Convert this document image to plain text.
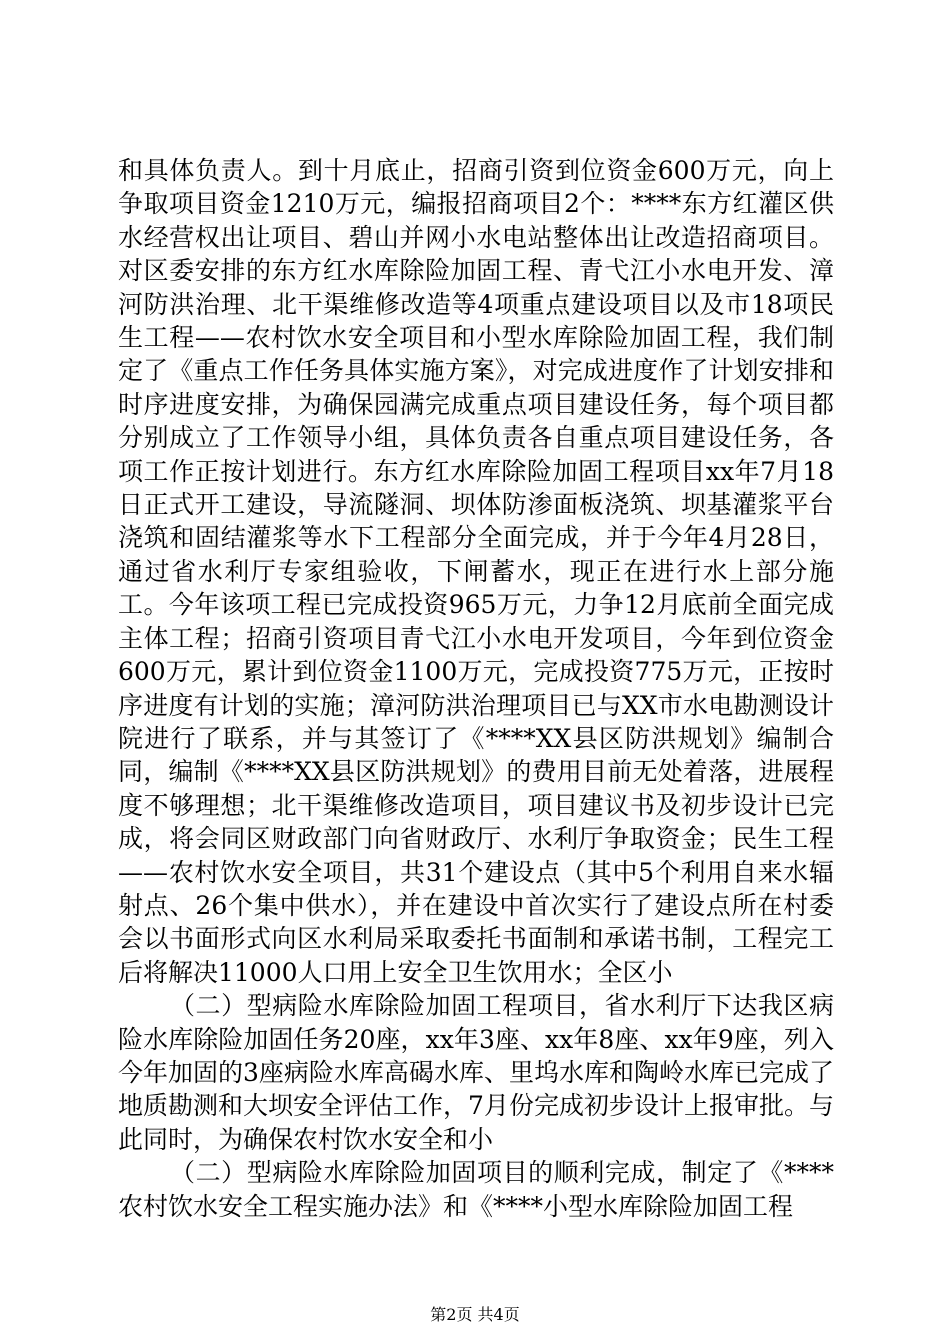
和具体负责人。到十月底止，招商引资到位资金600万元，向上争取项目资金1210万元，编报招商项目2个：****东方红灌区供水经营权出让项目、碧山并网小水电站整体出让改造招商项目。对区委安排的东方红水库除险加固工程、青弋江小水电开发、漳河防洪治理、北干渠维修改造等4项重点建设项目以及市18项民生工程——农村饮水安全项目和小型水库除险加固工程，我们制定了《重点工作任务具体实施方案》，对完成进度作了计划安排和时序进度安排，为确保园满完成重点项目建设任务，每个项目都分别成立了工作领导小组，具体负责各自重点项目建设任务，各项工作正按计划进行。东方红水库除险加固工程项目xx年7月18日正式开工建设，导流隧洞、坝体防渗面板浇筑、坝基灌浆平台浇筑和固结灌浆等水下工程部分全面完成，并于今年4月28日，通过省水利厅专家组验收，下闸蓄水，现正在进行水上部分施工。今年该项工程已完成投资965万元，力争12月底前全面完成主体工程；招商引资项目青弋江小水电开发项目，今年到位资金600万元，累计到位资金1100万元，完成投资775万元，正按时序进度有计划的实施；漳河防洪治理项目已与XX市水电勘测设计院进行了联系，并与其签订了《****XX县区防洪规划》编制合同，编制《****XX县区防洪规划》的费用目前无处着落，进展程度不够理想；北干渠维修改造项目，项目建议书及初步设计已完成，将会同区财政部门向省财政厅、水利厅争取资金；民生工程——农村饮水安全项目，共31个建设点（其中5个利用自来水辐射点、26个集中供水），并在建设中首次实行了建设点所在村委会以书面形式向区水利局采取委托书面制和承诺书制，工程完工后将解决11000人口用上安全卫生饮用水；全区小

（二）型病险水库除险加固工程项目，省水利厅下达我区病险水库除险加固任务20座，xx年3座、xx年8座、xx年9座，列入今年加固的3座病险水库高碣水库、里坞水库和陶岭水库已完成了地质勘测和大坝安全评估工作，7月份完成初步设计上报审批。与此同时，为确保农村饮水安全和小

（二）型病险水库除险加固项目的顺利完成，制定了《****农村饮水安全工程实施办法》和《****小型水库除险加固工程

第2页 共4页
